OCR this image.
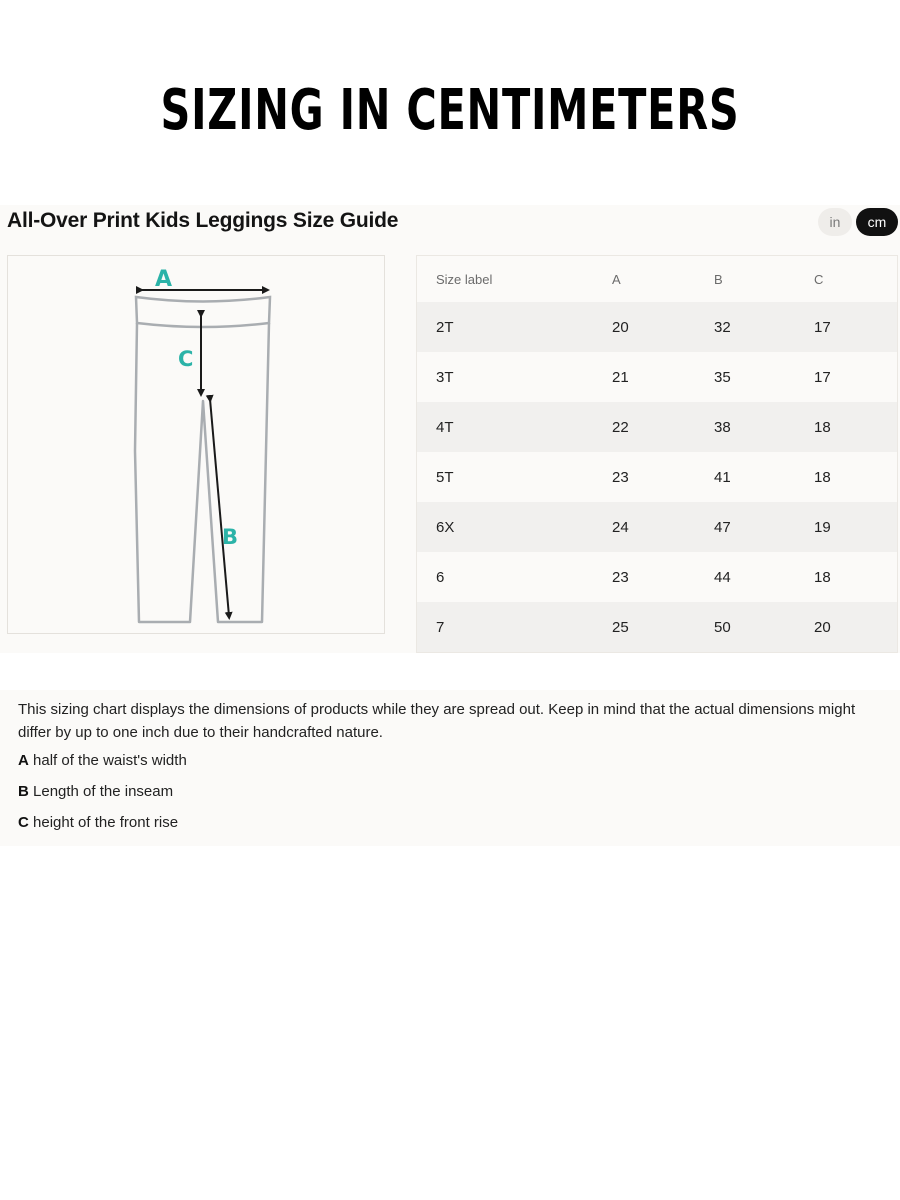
SIZING IN CENTIMETERS
All-Over Print Kids Leggings Size Guide	in	cm
A
C
B
Size label	A	B	C
2T	20	32	17
3T	21	35	17
4T	22	38	18
5T	23	41	18
6X	24	47	19
6	23	44	18
7	25	50	20
This sizing chart displays the dimensions of products while they are spread out. Keep in mind that the actual dimensions might differ by up to one inch due to their handcrafted nature.
A half of the waist's width
B Length of the inseam
C height of the front rise
